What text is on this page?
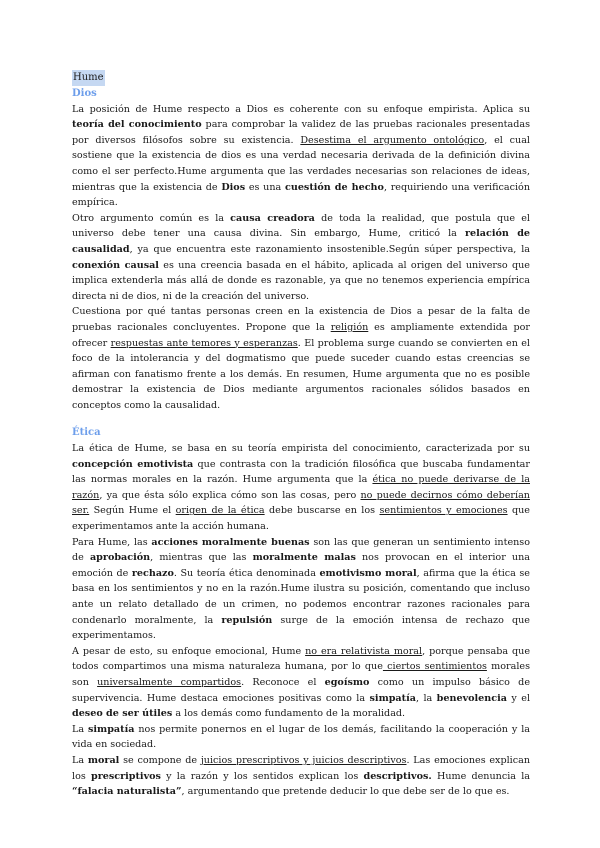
Hume
Dios

La posición de Hume respecto a Dios es coherente con su enfoque empirista. Aplica su teoría del conocimiento para comprobar la validez de las pruebas racionales presentadas por diversos filósofos sobre su existencia. Desestima el argumento ontológico, el cual sostiene que la existencia de dios es una verdad necesaria derivada de la definición divina como el ser perfecto.Hume argumenta que las verdades necesarias son relaciones de ideas, mientras que la existencia de Dios es una cuestión de hecho, requiriendo una verificación empírica.

Otro argumento común es la causa creadora de toda la realidad, que postula que el universo debe tener una causa divina. Sin embargo, Hume, criticó la relación de causalidad, ya que encuentra este razonamiento insostenible.Según súper perspectiva, la conexión causal es una creencia basada en el hábito, aplicada al origen del universo que implica extenderla más allá de donde es razonable, ya que no tenemos experiencia empírica directa ni de dios, ni de la creación del universo.

Cuestiona por qué tantas personas creen en la existencia de Dios a pesar de la falta de pruebas racionales concluyentes. Propone que la religión es ampliamente extendida por ofrecer respuestas ante temores y esperanzas. El problema surge cuando se convierten en el foco de la intolerancia y del dogmatismo que puede suceder cuando estas creencias se afirman con fanatismo frente a los demás. En resumen, Hume argumenta que no es posible demostrar la existencia de Dios mediante argumentos racionales sólidos basados en conceptos como la causalidad.

Ética

La ética de Hume, se basa en su teoría empirista del conocimiento, caracterizada por su concepción emotivista que contrasta con la tradición filosófica que buscaba fundamentar las normas morales en la razón. Hume argumenta que la ética no puede derivarse de la razón, ya que ésta sólo explica cómo son las cosas, pero no puede decirnos cómo deberían ser. Según Hume el origen de la ética debe buscarse en los sentimientos y emociones que experimentamos ante la acción humana.

Para Hume, las acciones moralmente buenas son las que generan un sentimiento intenso de aprobación, mientras que las moralmente malas nos provocan en el interior una emoción de rechazo. Su teoría ética denominada emotivismo moral, afirma que la ética se basa en los sentimientos y no en la razón.Hume ilustra su posición, comentando que incluso ante un relato detallado de un crimen, no podemos encontrar razones racionales para condenarlo moralmente, la repulsión surge de la emoción intensa de rechazo que experimentamos.

A pesar de esto, su enfoque emocional, Hume no era relativista moral, porque pensaba que todos compartimos una misma naturaleza humana, por lo que ciertos sentimientos morales son universalmente compartidos. Reconoce el egoísmo como un impulso básico de supervivencia. Hume destaca emociones positivas como la simpatía, la benevolencia y el deseo de ser útiles a los demás como fundamento de la moralidad.

La simpatía nos permite ponernos en el lugar de los demás, facilitando la cooperación y la vida en sociedad.

La moral se compone de juicios prescriptivos y juicios descriptivos. Las emociones explican los prescriptivos y la razón y los sentidos explican los descriptivos. Hume denuncia la “falacia naturalista”, argumentando que pretende deducir lo que debe ser de lo que es.
